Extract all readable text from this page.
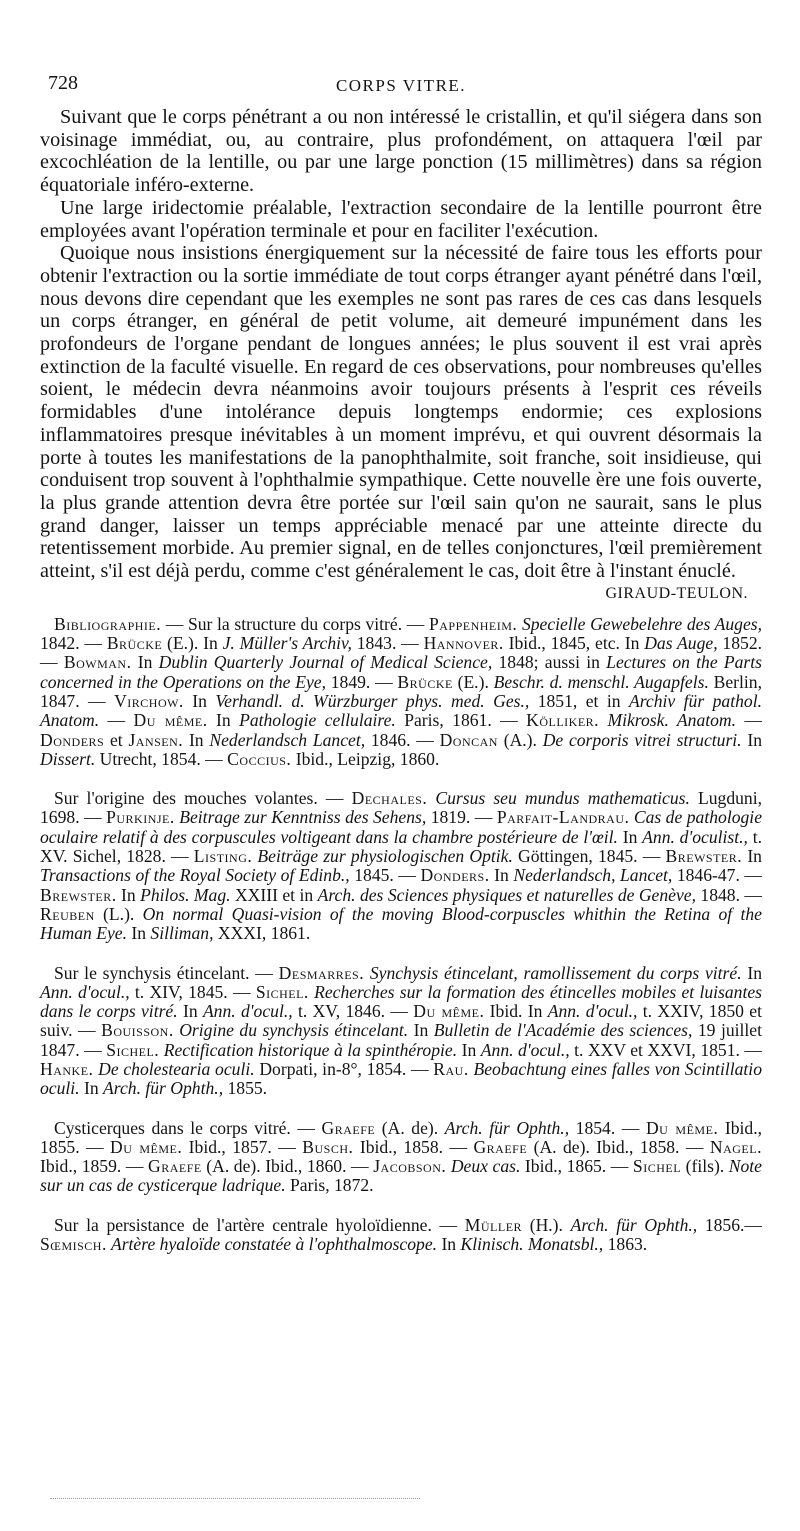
728	CORPS VITRE.

Suivant que le corps pénétrant a ou non intéressé le cristallin, et qu'il siégera dans son voisinage immédiat, ou, au contraire, plus profondément, on attaquera l'œil par excochléation de la lentille, ou par une large ponction (15 millimètres) dans sa région équatoriale inféro-externe.

Une large iridectomie préalable, l'extraction secondaire de la lentille pourront être employées avant l'opération terminale et pour en faciliter l'exécution.

Quoique nous insistions énergiquement sur la nécessité de faire tous les efforts pour obtenir l'extraction ou la sortie immédiate de tout corps étranger ayant pénétré dans l'œil, nous devons dire cependant que les exemples ne sont pas rares de ces cas dans lesquels un corps étranger, en général de petit volume, ait demeuré impunément dans les profondeurs de l'organe pendant de longues années; le plus souvent il est vrai après extinction de la faculté visuelle. En regard de ces observations, pour nombreuses qu'elles soient, le médecin devra néanmoins avoir toujours présents à l'esprit ces réveils formidables d'une intolérance depuis longtemps endormie; ces explosions inflammatoires presque inévitables à un moment imprévu, et qui ouvrent désormais la porte à toutes les manifestations de la panophthalmite, soit franche, soit insidieuse, qui conduisent trop souvent à l'ophthalmie sympathique. Cette nouvelle ère une fois ouverte, la plus grande attention devra être portée sur l'œil sain qu'on ne saurait, sans le plus grand danger, laisser un temps appréciable menacé par une atteinte directe du retentissement morbide. Au premier signal, en de telles conjonctures, l'œil premièrement atteint, s'il est déjà perdu, comme c'est généralement le cas, doit être à l'instant énuclé.

GIRAUD-TEULON.

Bibliographie. — Sur la structure du corps vitré. — Pappenheim. Specielle Gewebelehre des Auges, 1842. — Brücke (E.). In J. Müller's Archiv, 1843. — Hannover. Ibid., 1845, etc. In Das Auge, 1852. — Bowman. In Dublin Quarterly Journal of Medical Science, 1848; aussi in Lectures on the Parts concerned in the Operations on the Eye, 1849. — Brücke (E.). Beschr. d. menschl. Augapfels. Berlin, 1847. — Virchow. In Verhandl. d. Würzburger phys. med. Ges., 1851, et in Archiv für pathol. Anatom. — Du même. In Pathologie cellulaire. Paris, 1861. — Kölliker. Mikrosk. Anatom. — Donders et Jansen. In Nederlandsch Lancet, 1846. — Doncan (A.). De corporis vitrei structuri. In Dissert. Utrecht, 1854. — Coccius. Ibid., Leipzig, 1860.

Sur l'origine des mouches volantes. — Dechales. Cursus seu mundus mathematicus. Lugduni, 1698. — Purkinje. Beitrage zur Kenntniss des Sehens, 1819. — Parfait-Landrau. Cas de pathologie oculaire relatif à des corpuscules voltigeant dans la chambre postérieure de l'œil. In Ann. d'oculist., t. XV. Sichel, 1828. — Listing. Beiträge zur physiologischen Optik. Göttingen, 1845. — Brewster. In Transactions of the Royal Society of Edinb., 1845. — Donders. In Nederlandsch, Lancet, 1846-47. — Brewster. In Philos. Mag. XXIII et in Arch. des Sciences physiques et naturelles de Genève, 1848. — Reuben (L.). On normal Quasi-vision of the moving Blood-corpuscles whithin the Retina of the Human Eye. In Silliman, XXXI, 1861.

Sur le synchysis étincelant. — Desmarres. Synchysis étincelant, ramollissement du corps vitré. In Ann. d'ocul., t. XIV, 1845. — Sichel. Recherches sur la formation des étincelles mobiles et luisantes dans le corps vitré. In Ann. d'ocul., t. XV, 1846. — Du même. Ibid. In Ann. d'ocul., t. XXIV, 1850 et suiv. — Bouisson. Origine du synchysis étincelant. In Bulletin de l'Académie des sciences, 19 juillet 1847. — Sichel. Rectification historique à la spinthéropie. In Ann. d'ocul., t. XXV et XXVI, 1851. — Hanke. De cholestearia oculi. Dorpati, in-8°, 1854. — Rau. Beobachtung eines falles von Scintillatio oculi. In Arch. für Ophth., 1855.

Cysticerques dans le corps vitré. — Graefe (A. de). Arch. für Ophth., 1854. — Du même. Ibid., 1855. — Du même. Ibid., 1857. — Busch. Ibid., 1858. — Graefe (A. de). Ibid., 1858. — Nagel. Ibid., 1859. — Graefe (A. de). Ibid., 1860. — Jacobson. Deux cas. Ibid., 1865. — Sichel (fils). Note sur un cas de cysticerque ladrique. Paris, 1872.

Sur la persistance de l'artère centrale hyoloïdienne. — Müller (H.). Arch. für Ophth., 1856.— Sœmisch. Artère hyaloïde constatée à l'ophthalmoscope. In Klinisch. Monatsbl., 1863.
